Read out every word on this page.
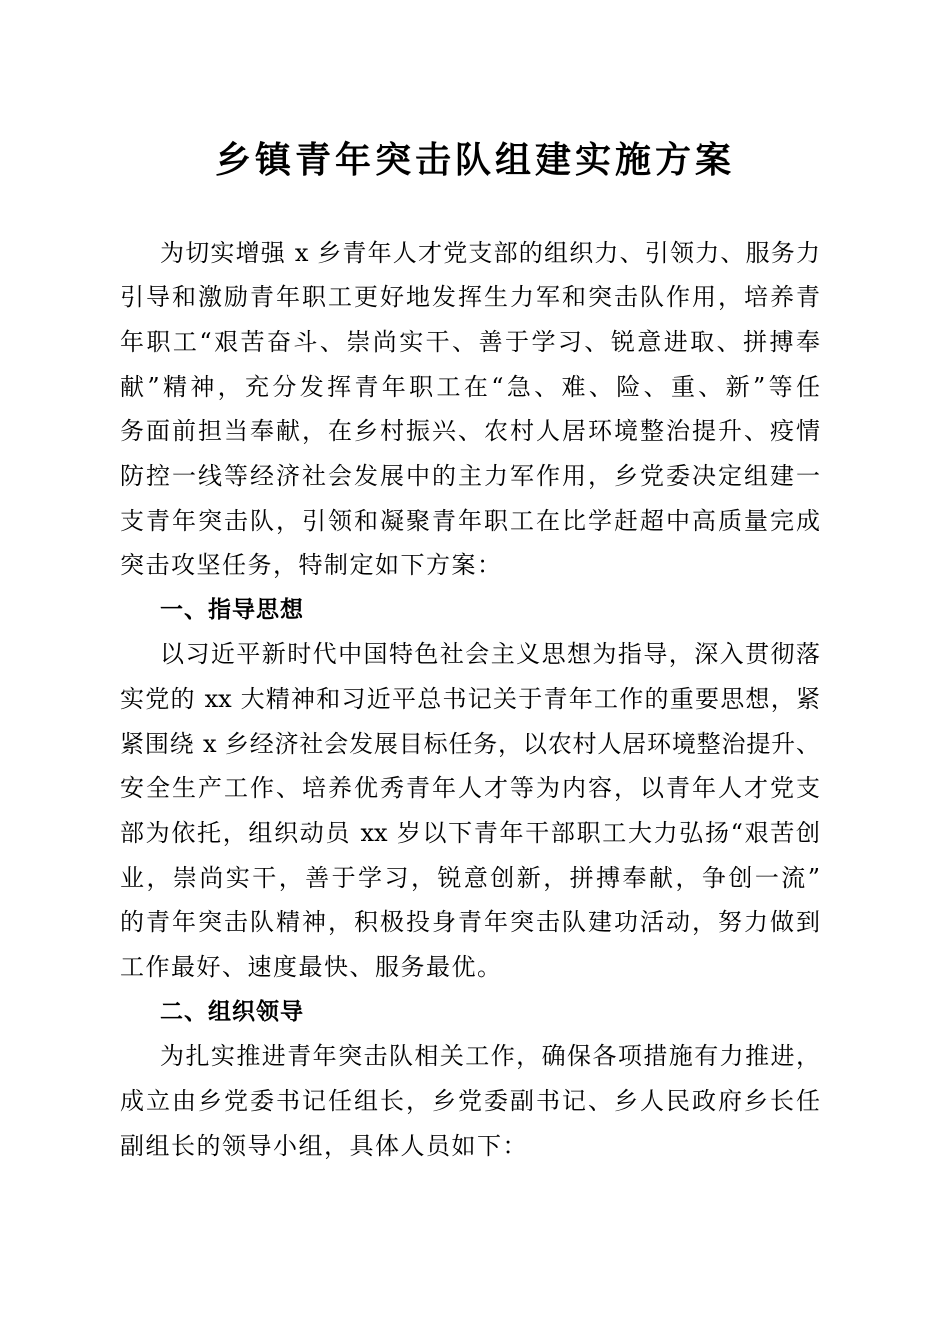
乡镇青年突击队组建实施方案
为切实增强 x 乡青年人才党支部的组织力、引领力、服务力
引导和激励青年职工更好地发挥生力军和突击队作用，培养青
年职工“艰苦奋斗、崇尚实干、善于学习、锐意进取、拼搏奉
献”精神，充分发挥青年职工在“急、难、险、重、新”等任
务面前担当奉献，在乡村振兴、农村人居环境整治提升、疫情
防控一线等经济社会发展中的主力军作用，乡党委决定组建一
支青年突击队，引领和凝聚青年职工在比学赶超中高质量完成
突击攻坚任务，特制定如下方案：
一、指导思想
以习近平新时代中国特色社会主义思想为指导，深入贯彻落
实党的 xx 大精神和习近平总书记关于青年工作的重要思想，紧
紧围绕 x 乡经济社会发展目标任务，以农村人居环境整治提升、
安全生产工作、培养优秀青年人才等为内容，以青年人才党支
部为依托，组织动员 xx 岁以下青年干部职工大力弘扬“艰苦创
业，崇尚实干，善于学习，锐意创新，拼搏奉献，争创一流”
的青年突击队精神，积极投身青年突击队建功活动，努力做到
工作最好、速度最快、服务最优。
二、组织领导
为扎实推进青年突击队相关工作，确保各项措施有力推进，
成立由乡党委书记任组长，乡党委副书记、乡人民政府乡长任
副组长的领导小组，具体人员如下：
